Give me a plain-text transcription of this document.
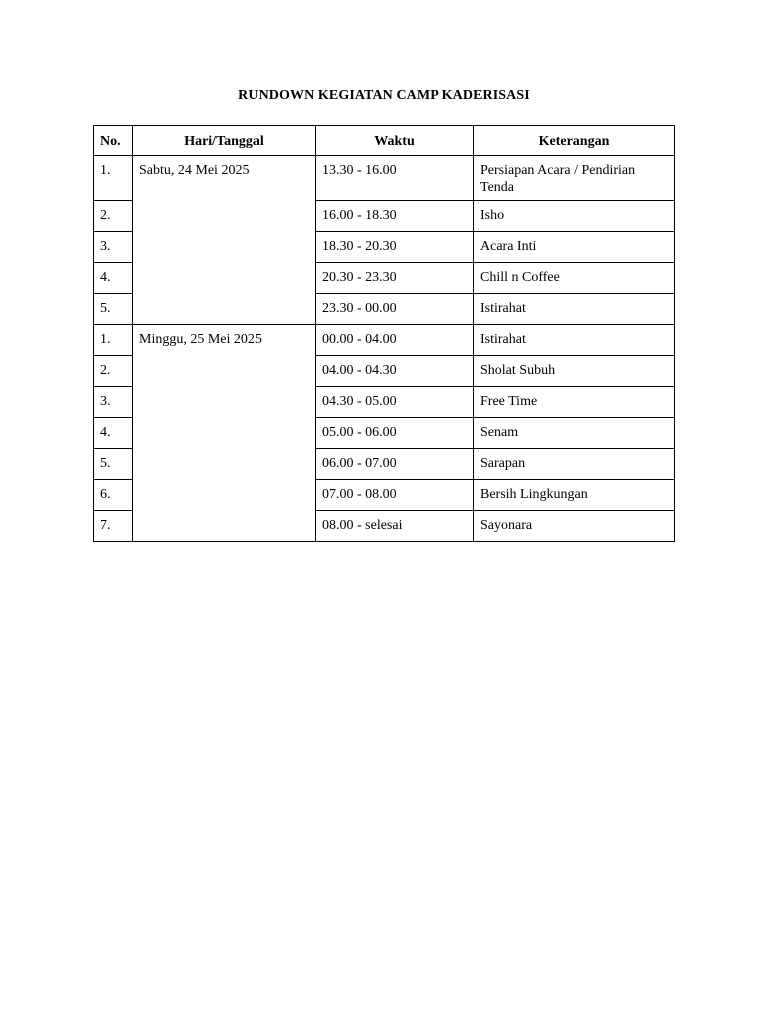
RUNDOWN KEGIATAN CAMP KADERISASI
No.	Hari/Tanggal	Waktu	Keterangan
1.	Sabtu, 24 Mei 2025	13.30 - 16.00	Persiapan Acara / Pendirian Tenda
2.		16.00 - 18.30	Isho
3.		18.30 - 20.30	Acara Inti
4.		20.30 - 23.30	Chill n Coffee
5.		23.30 - 00.00	Istirahat
1.	Minggu, 25 Mei 2025	00.00 - 04.00	Istirahat
2.		04.00 - 04.30	Sholat Subuh
3.		04.30 - 05.00	Free Time
4.		05.00 - 06.00	Senam
5.		06.00 - 07.00	Sarapan
6.		07.00 - 08.00	Bersih Lingkungan
7.		08.00 - selesai	Sayonara
